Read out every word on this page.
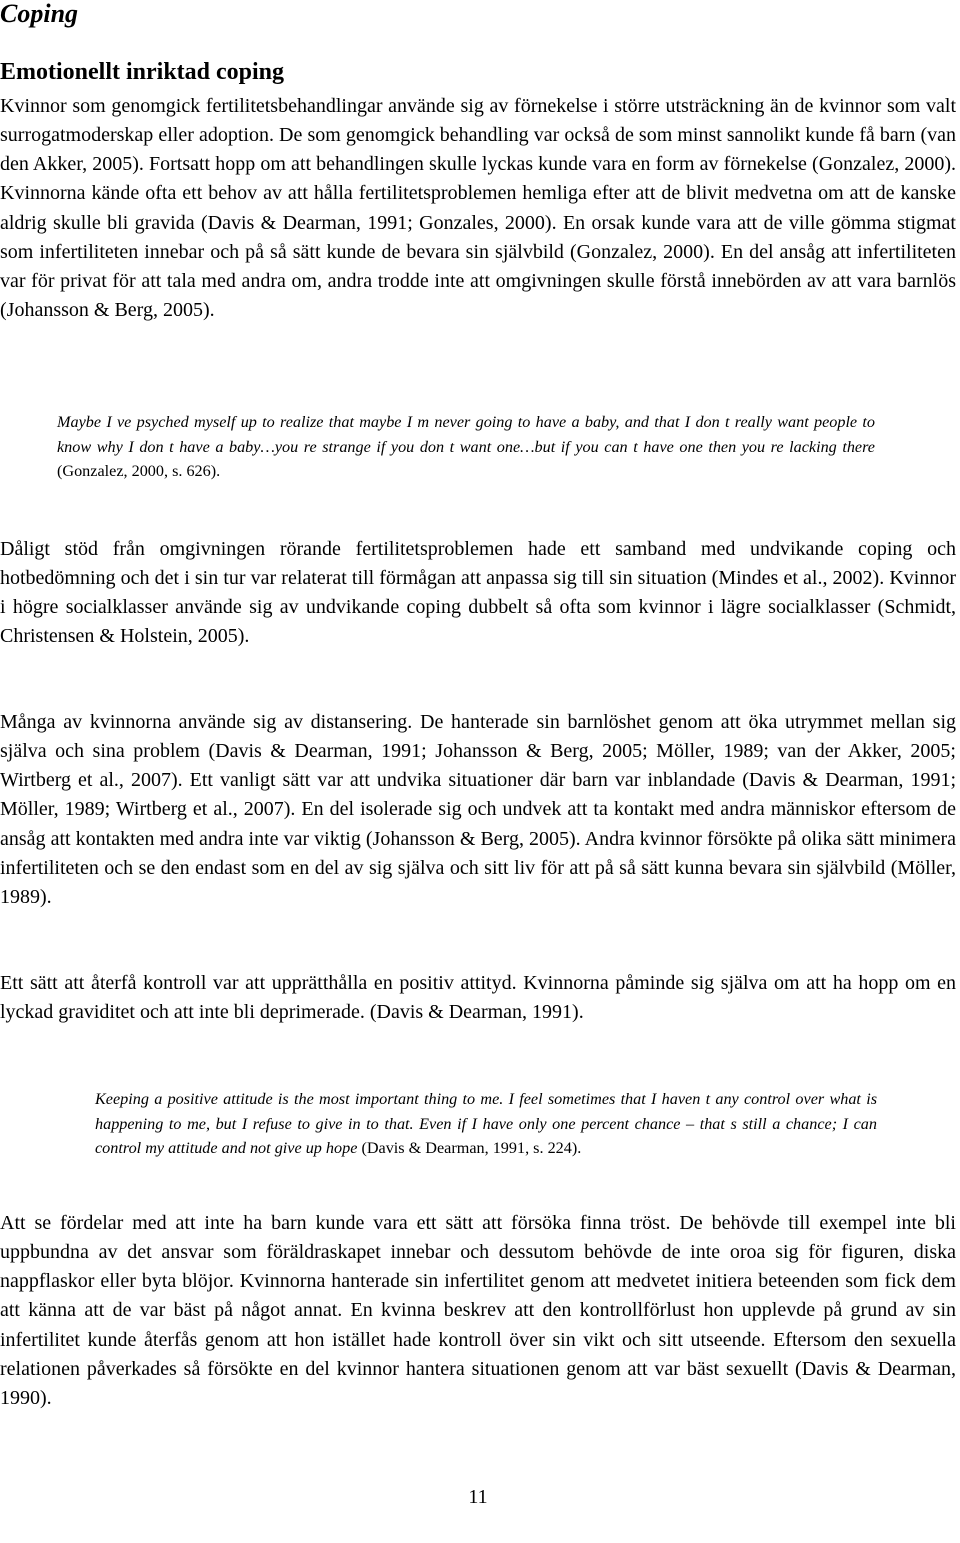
Coping
Emotionellt inriktad coping

Kvinnor som genomgick fertilitetsbehandlingar använde sig av förnekelse i större utsträckning än de kvinnor som valt surrogatmoderskap eller adoption. De som genomgick behandling var också de som minst sannolikt kunde få barn (van den Akker, 2005). Fortsatt hopp om att behandlingen skulle lyckas kunde vara en form av förnekelse (Gonzalez, 2000). Kvinnorna kände ofta ett behov av att hålla fertilitetsproblemen hemliga efter att de blivit medvetna om att de kanske aldrig skulle bli gravida (Davis & Dearman, 1991; Gonzales, 2000). En orsak kunde vara att de ville gömma stigmat som infertiliteten innebar och på så sätt kunde de bevara sin självbild (Gonzalez, 2000). En del ansåg att infertiliteten var för privat för att tala med andra om, andra trodde inte att omgivningen skulle förstå innebörden av att vara barnlös (Johansson & Berg, 2005).

Maybe I ve psyched myself up to realize that maybe I m never going to have a baby, and that I don t really want people to know why I don t have a baby…you re strange if you don t want one…but if you can t have one then you re lacking there (Gonzalez, 2000, s. 626).

Dåligt stöd från omgivningen rörande fertilitetsproblemen hade ett samband med undvikande coping och hotbedömning och det i sin tur var relaterat till förmågan att anpassa sig till sin situation (Mindes et al., 2002). Kvinnor i högre socialklasser använde sig av undvikande coping dubbelt så ofta som kvinnor i lägre socialklasser (Schmidt, Christensen & Holstein, 2005).

Många av kvinnorna använde sig av distansering. De hanterade sin barnlöshet genom att öka utrymmet mellan sig själva och sina problem (Davis & Dearman, 1991; Johansson & Berg, 2005; Möller, 1989; van der Akker, 2005; Wirtberg et al., 2007). Ett vanligt sätt var att undvika situationer där barn var inblandade (Davis & Dearman, 1991; Möller, 1989; Wirtberg et al., 2007). En del isolerade sig och undvek att ta kontakt med andra människor eftersom de ansåg att kontakten med andra inte var viktig (Johansson & Berg, 2005). Andra kvinnor försökte på olika sätt minimera infertiliteten och se den endast som en del av sig själva och sitt liv för att på så sätt kunna bevara sin självbild (Möller, 1989).

Ett sätt att återfå kontroll var att upprätthålla en positiv attityd. Kvinnorna påminde sig själva om att ha hopp om en lyckad graviditet och att inte bli deprimerade. (Davis & Dearman, 1991).

Keeping a positive attitude is the most important thing to me. I feel sometimes that I haven t any control over what is happening to me, but I refuse to give in to that. Even if I have only one percent chance – that s still a chance; I can control my attitude and not give up hope (Davis & Dearman, 1991, s. 224).

Att se fördelar med att inte ha barn kunde vara ett sätt att försöka finna tröst. De behövde till exempel inte bli uppbundna av det ansvar som föräldraskapet innebar och dessutom behövde de inte oroa sig för figuren, diska nappflaskor eller byta blöjor. Kvinnorna hanterade sin infertilitet genom att medvetet initiera beteenden som fick dem att känna att de var bäst på något annat. En kvinna beskrev att den kontrollförlust hon upplevde på grund av sin infertilitet kunde återfås genom att hon istället hade kontroll över sin vikt och sitt utseende. Eftersom den sexuella relationen påverkades så försökte en del kvinnor hantera situationen genom att var bäst sexuellt (Davis & Dearman, 1990).

11
